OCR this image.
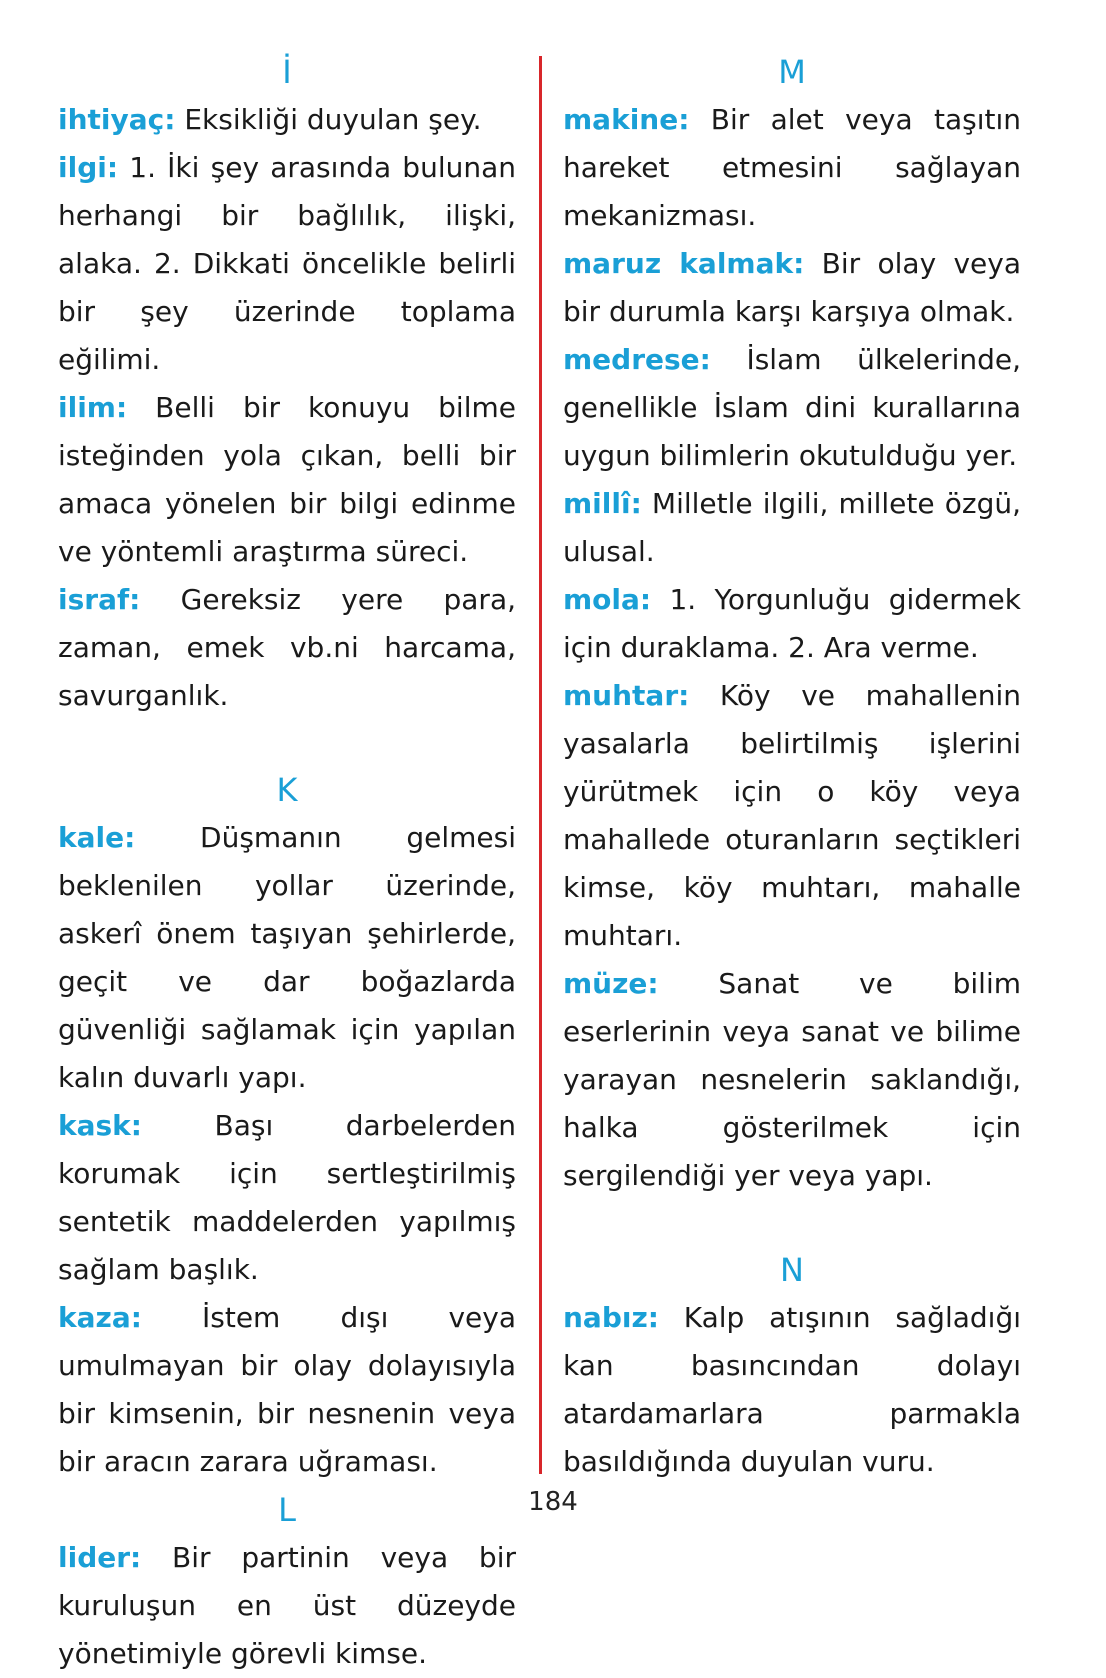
İ

ihtiyaç: Eksikliği duyulan şey.

ilgi: 1. İki şey arasında bulunan herhangi bir bağlılık, ilişki, alaka. 2. Dikkati öncelikle belirli bir şey üzerinde toplama eğilimi.

ilim: Belli bir konuyu bilme isteğinden yola çıkan, belli bir amaca yönelen bir bilgi edinme ve yöntemli araştırma süreci.

israf: Gereksiz yere para, zaman, emek vb.ni harcama, savurganlık.

K

kale: Düşmanın gelmesi beklenilen yollar üzerinde, askerî önem taşıyan şehirlerde, geçit ve dar boğazlarda güvenliği sağlamak için yapılan kalın duvarlı yapı.

kask: Başı darbelerden korumak için sertleştirilmiş sentetik maddelerden yapılmış sağlam başlık.

kaza: İstem dışı veya umulmayan bir olay dolayısıyla bir kimsenin, bir nesnenin veya bir aracın zarara uğraması.

L

lider: Bir partinin veya bir kuruluşun en üst düzeyde yönetimiyle görevli kimse.

M

makine: Bir alet veya taşıtın hareket etmesini sağlayan mekanizması.

maruz kalmak: Bir olay veya bir durumla karşı karşıya olmak.

medrese: İslam ülkelerinde, genellikle İslam dini kurallarına uygun bilimlerin okutulduğu yer.

millî: Milletle ilgili, millete özgü, ulusal.

mola: 1. Yorgunluğu gidermek için duraklama. 2. Ara verme.

muhtar: Köy ve mahallenin yasalarla belirtilmiş işlerini yürütmek için o köy veya mahallede oturanların seçtikleri kimse, köy muhtarı, mahalle muhtarı.

müze: Sanat ve bilim eserlerinin veya sanat ve bilime yarayan nesnelerin saklandığı, halka gösterilmek için sergilendiği yer veya yapı.

N

nabız: Kalp atışının sağladığı kan basıncından dolayı atardamarlara parmakla basıldığında duyulan vuru.

184
